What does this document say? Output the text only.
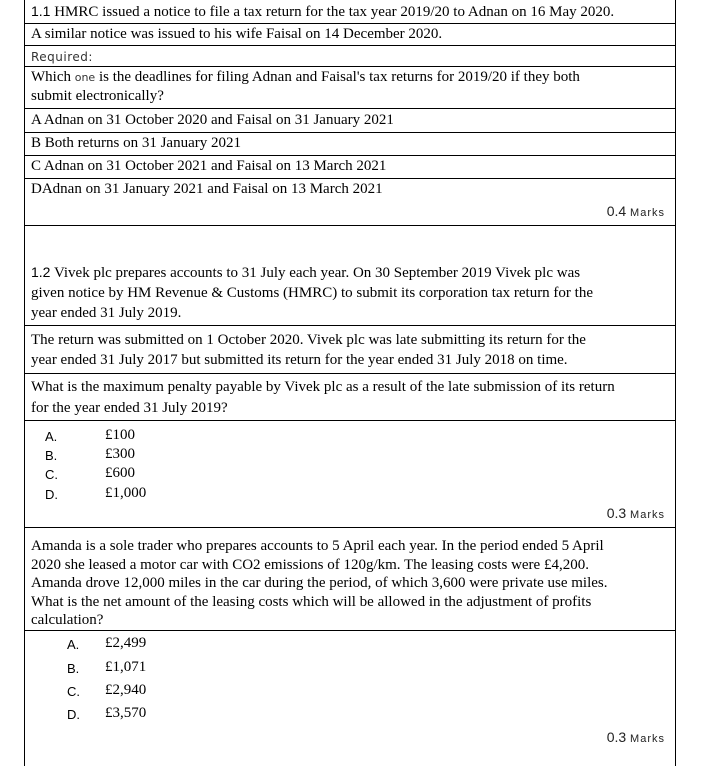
1.1 HMRC issued a notice to file a tax return for the tax year 2019/20 to Adnan on 16 May 2020.
A similar notice was issued to his wife Faisal on 14 December 2020.
Required:
Which one is the deadlines for filing Adnan and Faisal's tax returns for 2019/20 if they both
submit electronically?
A Adnan on 31 October 2020 and Faisal on 31 January 2021
B Both returns on 31 January 2021
C Adnan on 31 October 2021 and Faisal on 13 March 2021
DAdnan on 31 January 2021 and Faisal on 13 March 2021
0.4 Marks
1.2 Vivek plc prepares accounts to 31 July each year. On 30 September 2019 Vivek plc was
given notice by HM Revenue & Customs (HMRC) to submit its corporation tax return for the
year ended 31 July 2019.
The return was submitted on 1 October 2020. Vivek plc was late submitting its return for the
year ended 31 July 2017 but submitted its return for the year ended 31 July 2018 on time.
What is the maximum penalty payable by Vivek plc as a result of the late submission of its return
for the year ended 31 July 2019?
A.	£100
B.	£300
C.	£600
D.	£1,000
0.3 Marks
Amanda is a sole trader who prepares accounts to 5 April each year. In the period ended 5 April
2020 she leased a motor car with CO2 emissions of 120g/km. The leasing costs were £4,200.
Amanda drove 12,000 miles in the car during the period, of which 3,600 were private use miles.
What is the net amount of the leasing costs which will be allowed in the adjustment of profits
calculation?
A. £2,499
B. £1,071
C. £2,940
D. £3,570
0.3 Marks
